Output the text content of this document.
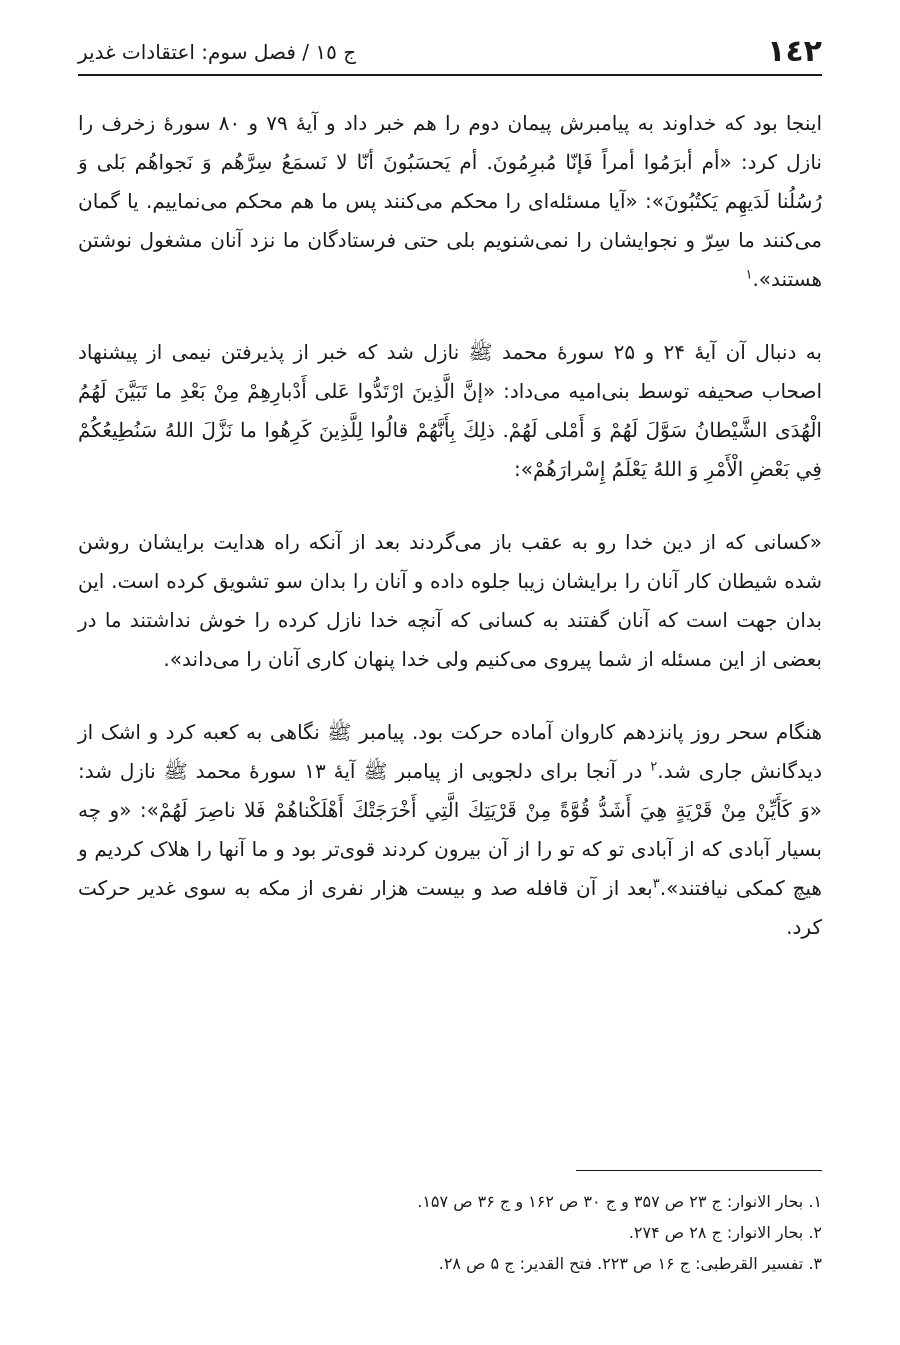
١٤٢
ج ١٥ / فصل سوم: اعتقادات غدیر

اینجا بود که خداوند به پیامبرش پیمان دوم را هم خبر داد و آیهٔ ۷۹ و ۸۰ سورهٔ زخرف را نازل کرد: «أم أبرَمُوا أمراً فَإنّا مُبرِمُونَ. أم يَحسَبُونَ أنّا لا نَسمَعُ سِرَّهُم وَ نَجواهُم بَلى وَ رُسُلُنا لَدَيهِم يَكتُبُونَ»: «آیا مسئله‌ای را محکم می‌کنند پس ما هم محکم می‌نماییم. یا گمان می‌کنند ما سِرّ و نجوایشان را نمی‌شنویم بلی حتی فرستادگان ما نزد آنان مشغول نوشتن هستند».$^١$

به دنبال آن آیهٔ ۲۴ و ۲۵ سورهٔ محمد ﷺ نازل شد که خبر از پذیرفتن نیمی از پیشنهاد اصحاب صحیفه توسط بنی‌امیه می‌داد: «إنَّ الَّذِينَ ارْتَدُّوا عَلى أَدْبارِهِمْ مِنْ بَعْدِ ما تَبَيَّنَ لَهُمُ الْهُدَى الشَّيْطانُ سَوَّلَ لَهُمْ وَ أَمْلى لَهُمْ. ذلِكَ بِأَنَّهُمْ قالُوا لِلَّذِينَ كَرِهُوا ما نَزَّلَ اللهُ سَنُطِيعُكُمْ فِي بَعْضِ الْأَمْرِ وَ اللهُ يَعْلَمُ إِسْرارَهُمْ»:

«کسانی که از دین خدا رو به عقب باز می‌گردند بعد از آنکه راه هدایت برایشان روشن شده شیطان کار آنان را برایشان زیبا جلوه داده و آنان را بدان سو تشویق کرده است. این بدان جهت است که آنان گفتند به کسانی که آنچه خدا نازل کرده را خوش نداشتند ما در بعضی از این مسئله از شما پیروی می‌کنیم ولی خدا پنهان کاری آنان را می‌داند».

هنگام سحر روز پانزدهم کاروان آماده حرکت بود. پیامبر ﷺ نگاهی به کعبه کرد و اشک از دیدگانش جاری شد.$^٢$ در آنجا برای دلجویی از پیامبر ﷺ آیهٔ ۱۳ سورهٔ محمد ﷺ نازل شد: «وَ كَأَيِّنْ مِنْ قَرْيَةٍ هِيَ أَشَدُّ قُوَّةً مِنْ قَرْيَتِكَ الَّتِي أَخْرَجَتْكَ أَهْلَكْناهُمْ فَلا ناصِرَ لَهُمْ»: «و چه بسیار آبادی که از آبادی تو که تو را از آن بیرون کردند قوی‌تر بود و ما آنها را هلاک کردیم و هیچ کمکی نیافتند».$^٣$بعد از آن قافله صد و بیست هزار نفری از مکه به سوی غدیر حرکت کرد.

۱. بحار الانوار: ج ۲۳ ص ۳۵۷ و ج ۳۰ ص ۱۶۲ و ج ۳۶ ص ۱۵۷.
۲. بحار الانوار: ج ۲۸ ص ۲۷۴.
۳. تفسیر القرطبی: ج ۱۶ ص ۲۲۳. فتح القدیر: ج ۵ ص ۲۸.
